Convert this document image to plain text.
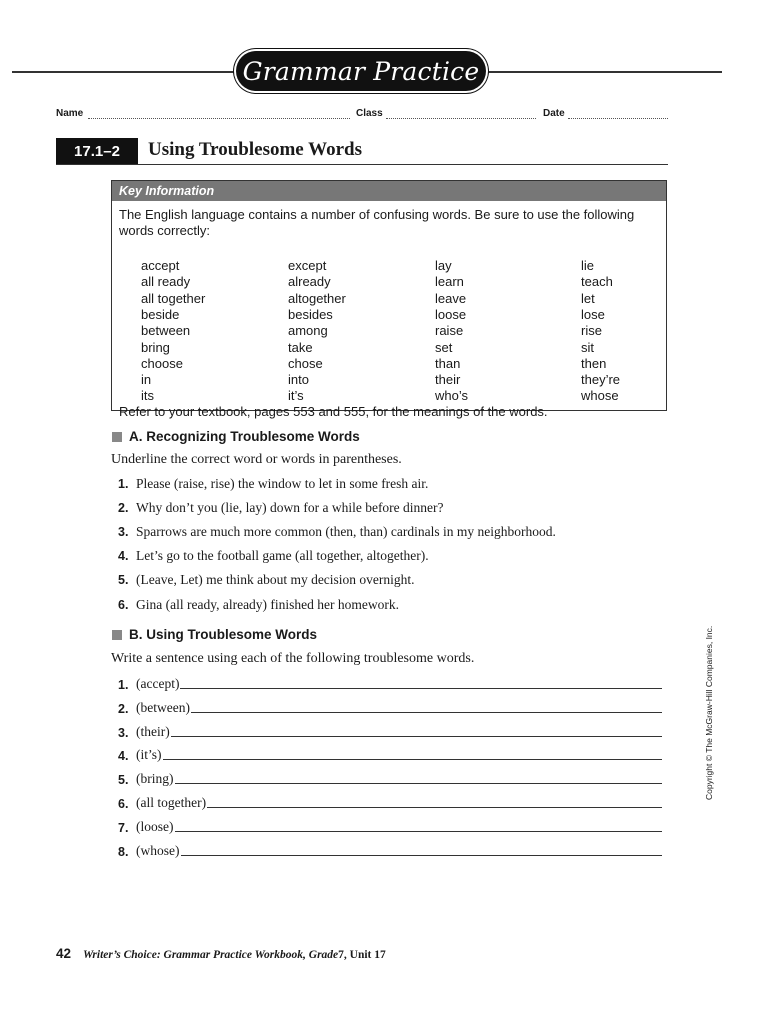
Grammar Practice
Name	Class	Date
17.1–2	Using Troublesome Words
Key Information
The English language contains a number of confusing words. Be sure to use the following words correctly:
accept	except	lay	lie
all ready	already	learn	teach
all together	altogether	leave	let
beside	besides	loose	lose
between	among	raise	rise
bring	take	set	sit
choose	chose	than	then
in	into	their	they’re
its	it’s	who’s	whose
Refer to your textbook, pages 553 and 555, for the meanings of the words.
A. Recognizing Troublesome Words
Underline the correct word or words in parentheses.
1. Please (raise, rise) the window to let in some fresh air.
2. Why don’t you (lie, lay) down for a while before dinner?
3. Sparrows are much more common (then, than) cardinals in my neighborhood.
4. Let’s go to the football game (all together, altogether).
5. (Leave, Let) me think about my decision overnight.
6. Gina (all ready, already) finished her homework.
B. Using Troublesome Words
Write a sentence using each of the following troublesome words.
1. (accept)
2. (between)
3. (their)
4. (it’s)
5. (bring)
6. (all together)
7. (loose)
8. (whose)
Copyright © The McGraw-Hill Companies, Inc.
42 Writer’s Choice: Grammar Practice Workbook, Grade 7, Unit 17
